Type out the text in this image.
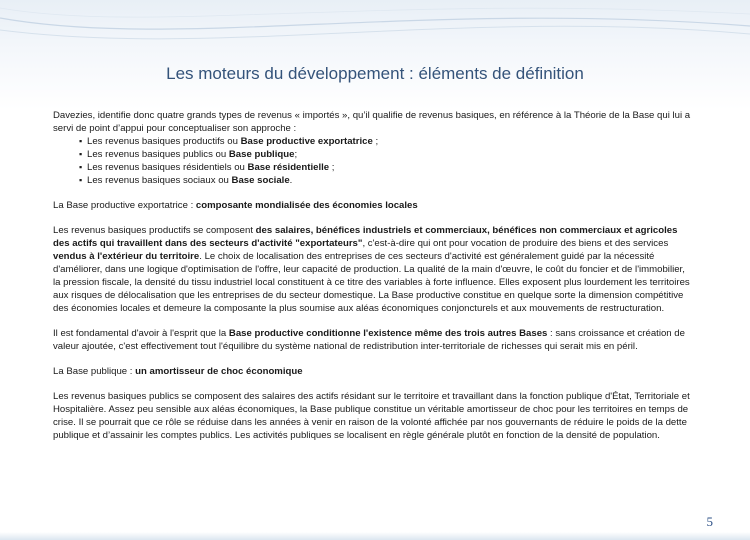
Les moteurs du développement : éléments de définition

Davezies, identifie donc quatre grands types de revenus « importés », qu’il qualifie de revenus basiques, en référence à la Théorie de la Base qui lui a servi de point d’appui pour conceptualiser son approche :

▪ Les revenus basiques productifs ou Base productive exportatrice ;
▪ Les revenus basiques publics ou Base publique;
▪ Les revenus basiques résidentiels ou Base résidentielle ;
▪ Les revenus basiques sociaux ou Base sociale.

La Base productive exportatrice : composante mondialisée des économies locales

Les revenus basiques productifs se composent des salaires, bénéfices industriels et commerciaux, bénéfices non commerciaux et agricoles des actifs qui travaillent dans des secteurs d'activité "exportateurs", c'est-à-dire qui ont pour vocation de produire des biens et des services vendus à l'extérieur du territoire. Le choix de localisation des entreprises de ces secteurs d'activité est généralement guidé par la nécessité d'améliorer, dans une logique d'optimisation de l'offre, leur capacité de production. La qualité de la main d'œuvre, le coût du foncier et de l'immobilier, la pression fiscale, la densité du tissu industriel local constituent à ce titre des variables à forte influence. Elles exposent plus lourdement les territoires aux risques de délocalisation que les entreprises de du secteur domestique. La Base productive constitue en quelque sorte la dimension compétitive des économies locales et demeure la composante la plus soumise aux aléas économiques conjoncturels et aux mouvements de restructuration.

Il est fondamental d'avoir à l'esprit que la Base productive conditionne l'existence même des trois autres Bases : sans croissance et création de valeur ajoutée, c'est effectivement tout l'équilibre du système national de redistribution inter-territoriale de richesses qui serait mis en péril.

La Base publique : un amortisseur de choc économique

Les revenus basiques publics se composent des salaires des actifs résidant sur le territoire et travaillant dans la fonction publique d'État, Territoriale et Hospitalière. Assez peu sensible aux aléas économiques, la Base publique constitue un véritable amortisseur de choc pour les territoires en temps de crise. Il se pourrait que ce rôle se réduise dans les années à venir en raison de la volonté affichée par nos gouvernants de réduire le poids de la dette publique et d’assainir les comptes publics. Les activités publiques se localisent en règle générale plutôt en fonction de la densité de population.

5
